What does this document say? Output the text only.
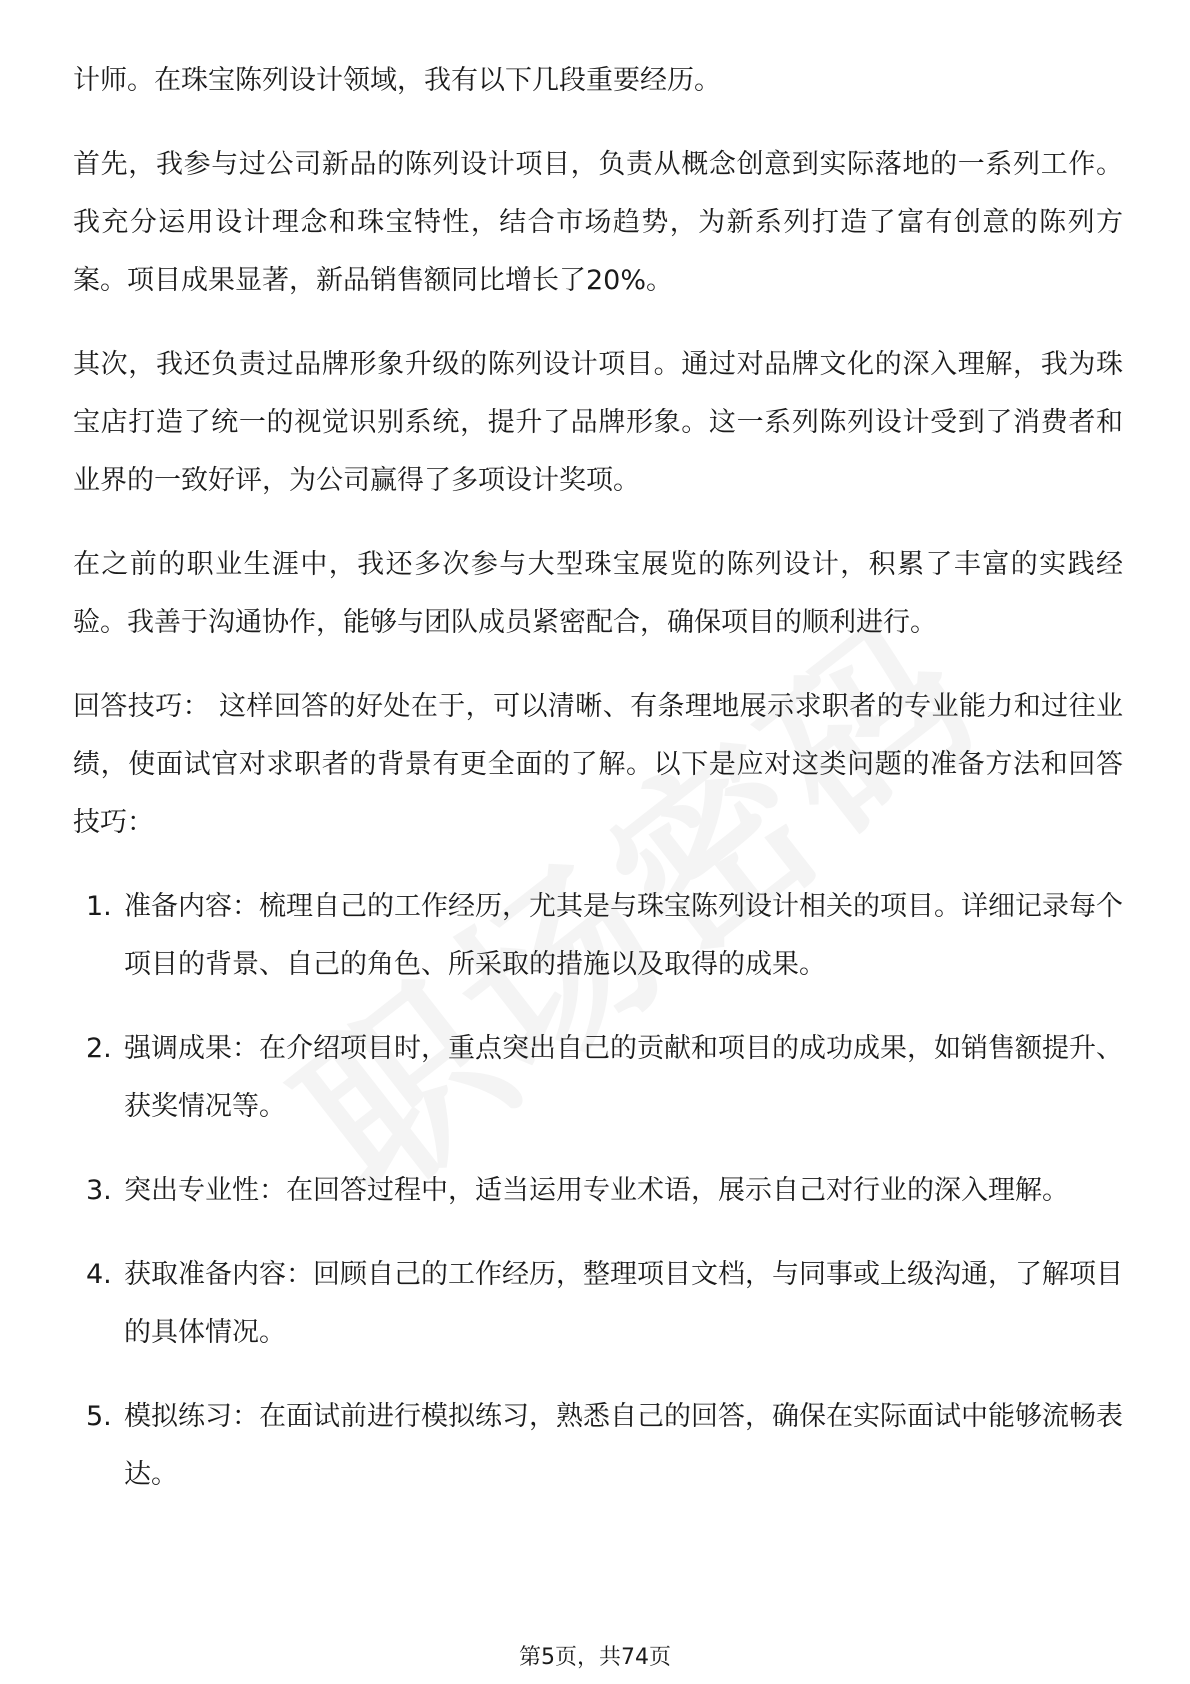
计师。在珠宝陈列设计领域，我有以下几段重要经历。

首先，我参与过公司新品的陈列设计项目，负责从概念创意到实际落地的一系列工作。我充分运用设计理念和珠宝特性，结合市场趋势，为新系列打造了富有创意的陈列方案。项目成果显著，新品销售额同比增长了20%。

其次，我还负责过品牌形象升级的陈列设计项目。通过对品牌文化的深入理解，我为珠宝店打造了统一的视觉识别系统，提升了品牌形象。这一系列陈列设计受到了消费者和业界的一致好评，为公司赢得了多项设计奖项。

在之前的职业生涯中，我还多次参与大型珠宝展览的陈列设计，积累了丰富的实践经验。我善于沟通协作，能够与团队成员紧密配合，确保项目的顺利进行。

回答技巧： 这样回答的好处在于，可以清晰、有条理地展示求职者的专业能力和过往业绩，使面试官对求职者的背景有更全面的了解。以下是应对这类问题的准备方法和回答技巧：

1. 准备内容：梳理自己的工作经历，尤其是与珠宝陈列设计相关的项目。详细记录每个项目的背景、自己的角色、所采取的措施以及取得的成果。
2. 强调成果：在介绍项目时，重点突出自己的贡献和项目的成功成果，如销售额提升、获奖情况等。
3. 突出专业性：在回答过程中，适当运用专业术语，展示自己对行业的深入理解。
4. 获取准备内容：回顾自己的工作经历，整理项目文档，与同事或上级沟通，了解项目的具体情况。
5. 模拟练习：在面试前进行模拟练习，熟悉自己的回答，确保在实际面试中能够流畅表达。
第5页，共74页
